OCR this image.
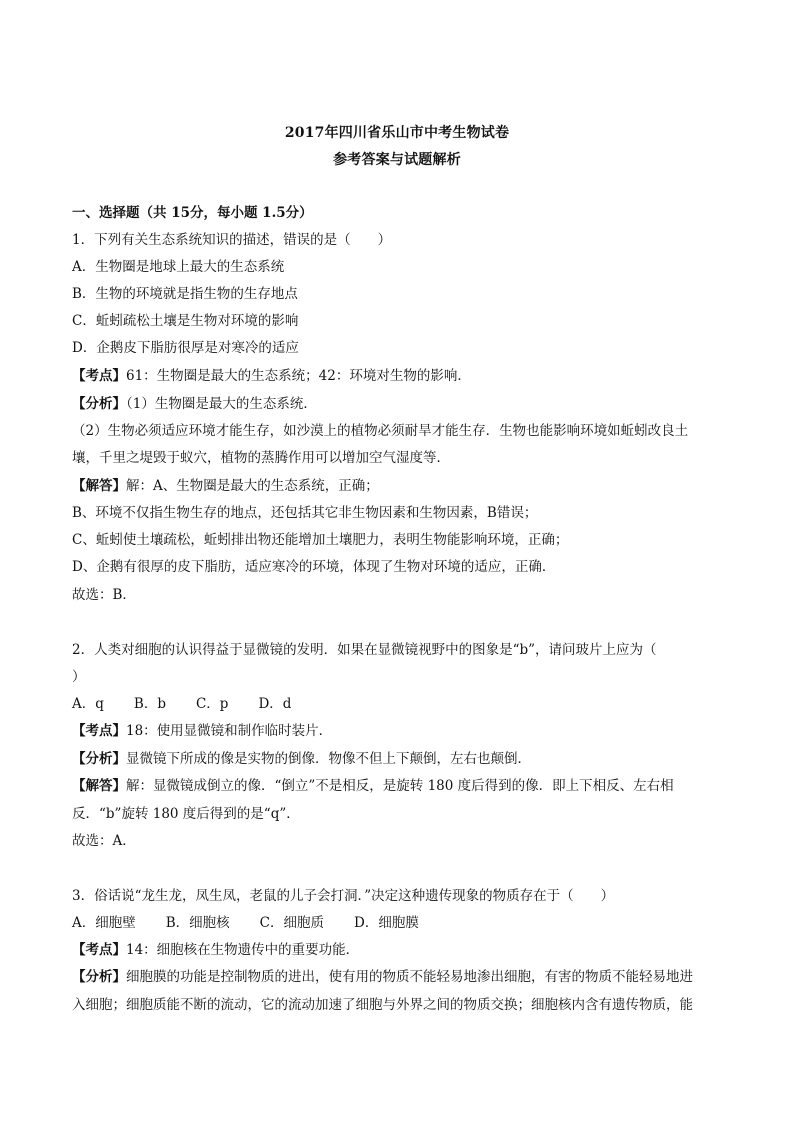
2017年四川省乐山市中考生物试卷
参考答案与试题解析
一、选择题（共 15分，每小题 1.5分）
1．下列有关生态系统知识的描述，错误的是（　　）
A．生物圈是地球上最大的生态系统
B．生物的环境就是指生物的生存地点
C．蚯蚓疏松土壤是生物对环境的影响
D．企鹅皮下脂肪很厚是对寒冷的适应
【考点】61：生物圈是最大的生态系统；42：环境对生物的影响．
【分析】（1）生物圈是最大的生态系统．
（2）生物必须适应环境才能生存，如沙漠上的植物必须耐旱才能生存．生物也能影响环境如蚯蚓改良土
壤，千里之堤毁于蚁穴，植物的蒸腾作用可以增加空气湿度等．
【解答】解：A、生物圈是最大的生态系统，正确；
B、环境不仅指生物生存的地点，还包括其它非生物因素和生物因素，B错误；
C、蚯蚓使土壤疏松，蚯蚓排出物还能增加土壤肥力，表明生物能影响环境，正确；
D、企鹅有很厚的皮下脂肪，适应寒冷的环境，体现了生物对环境的适应，正确．
故选：B．
2．人类对细胞的认识得益于显微镜的发明．如果在显微镜视野中的图象是“b”，请问玻片上应为（
）
A．q B．b C．p D．d
【考点】18：使用显微镜和制作临时装片．
【分析】显微镜下所成的像是实物的倒像．物像不但上下颠倒，左右也颠倒．
【解答】解：显微镜成倒立的像．“倒立”不是相反，是旋转 180 度后得到的像．即上下相反、左右相
反．“b”旋转 180 度后得到的是“q”．
故选：A．
3．俗话说“龙生龙，凤生凤，老鼠的儿子会打洞．”决定这种遗传现象的物质存在于（　　）
A．细胞壁 B．细胞核 C．细胞质 D．细胞膜
【考点】14：细胞核在生物遗传中的重要功能．
【分析】细胞膜的功能是控制物质的进出，使有用的物质不能轻易地渗出细胞，有害的物质不能轻易地进
入细胞；细胞质能不断的流动，它的流动加速了细胞与外界之间的物质交换；细胞核内含有遗传物质，能
